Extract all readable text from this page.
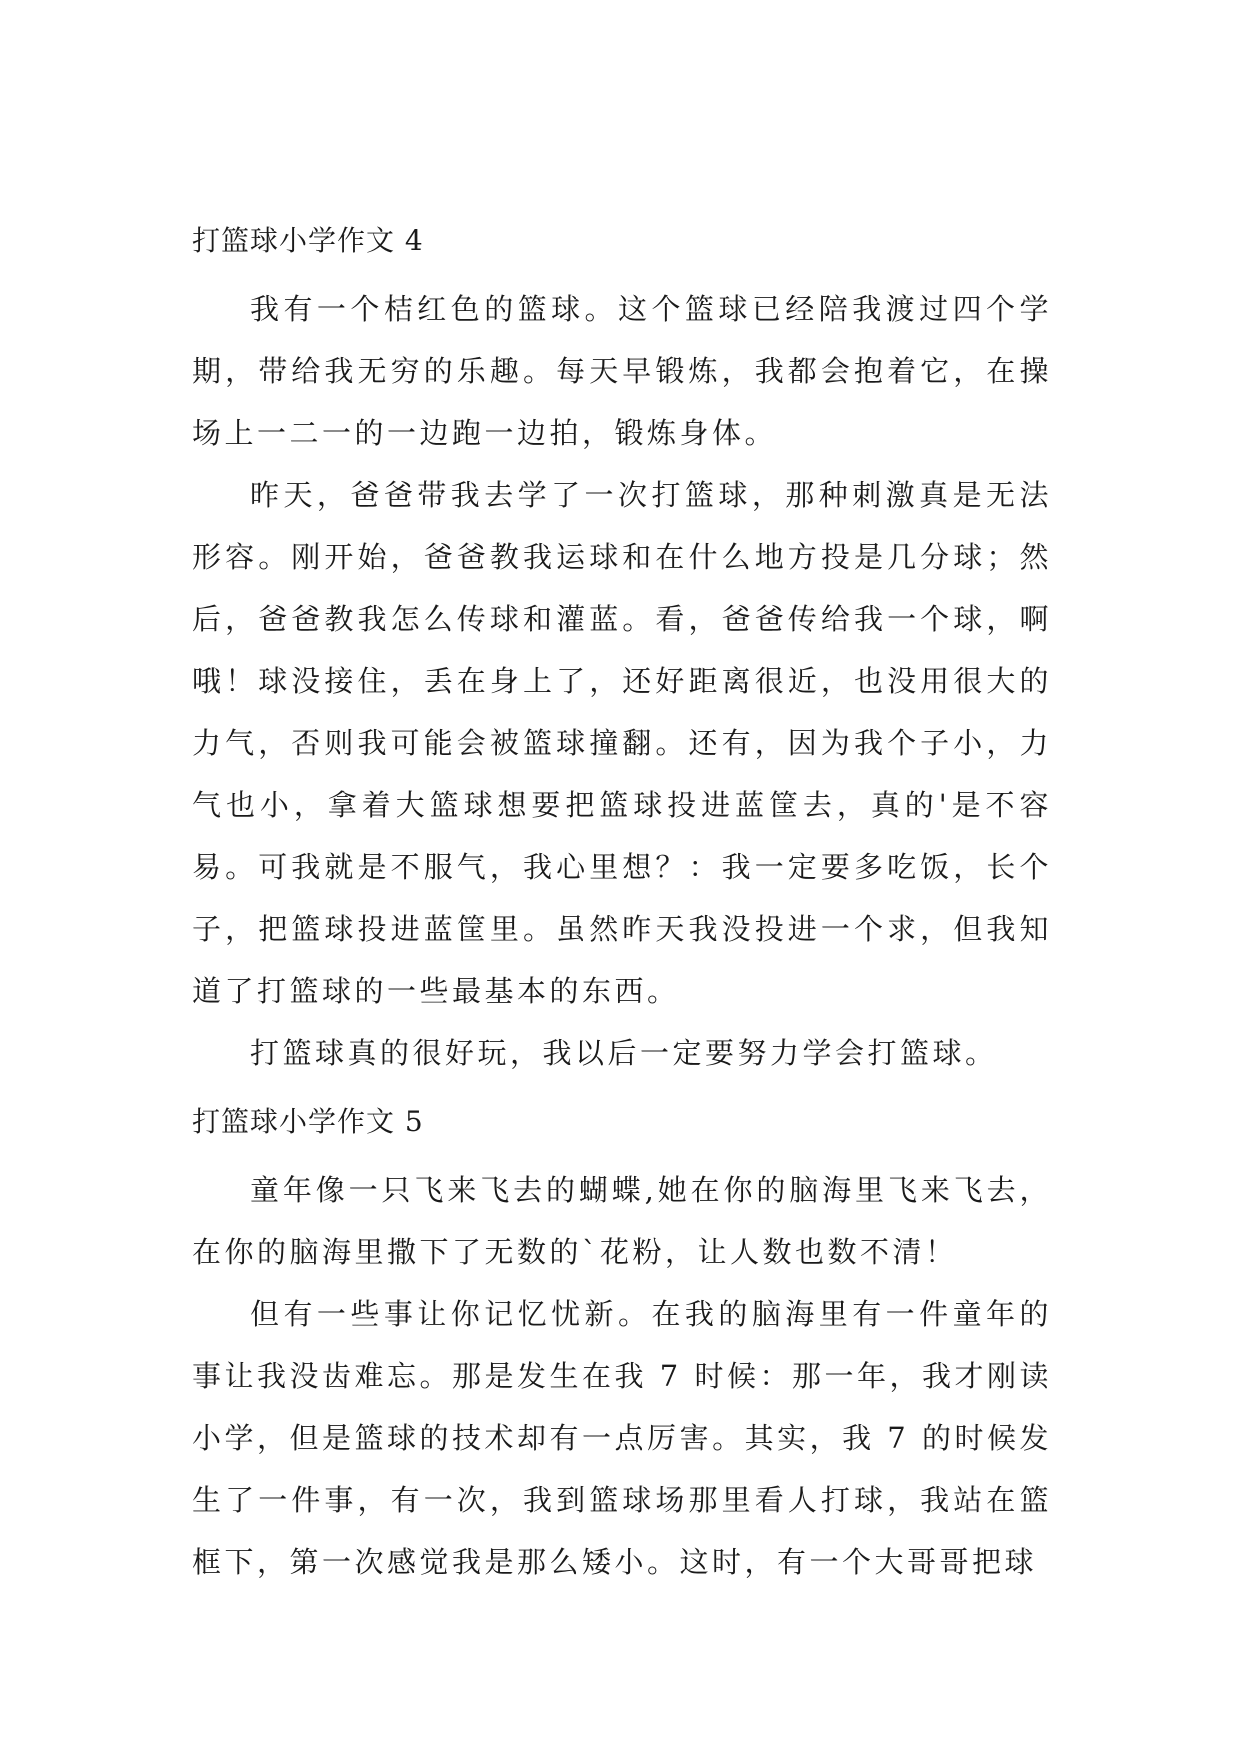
打篮球小学作文 4

我有一个桔红色的篮球。这个篮球已经陪我渡过四个学期，带给我无穷的乐趣。每天早锻炼，我都会抱着它，在操场上一二一的一边跑一边拍，锻炼身体。

昨天，爸爸带我去学了一次打篮球，那种刺激真是无法形容。刚开始，爸爸教我运球和在什么地方投是几分球；然后，爸爸教我怎么传球和灌蓝。看，爸爸传给我一个球，啊哦！球没接住，丢在身上了，还好距离很近，也没用很大的力气，否则我可能会被篮球撞翻。还有，因为我个子小，力气也小，拿着大篮球想要把篮球投进蓝筐去，真的'是不容易。可我就是不服气，我心里想？：我一定要多吃饭，长个子，把篮球投进蓝筐里。虽然昨天我没投进一个求，但我知道了打篮球的一些最基本的东西。

打篮球真的很好玩，我以后一定要努力学会打篮球。

打篮球小学作文 5

童年像一只飞来飞去的蝴蝶,她在你的脑海里飞来飞去，在你的脑海里撒下了无数的`花粉，让人数也数不清！

但有一些事让你记忆忧新。在我的脑海里有一件童年的事让我没齿难忘。那是发生在我 7 时候：那一年，我才刚读小学，但是篮球的技术却有一点厉害。其实，我 7 的时候发生了一件事，有一次，我到篮球场那里看人打球，我站在篮框下，第一次感觉我是那么矮小。这时，有一个大哥哥把球
